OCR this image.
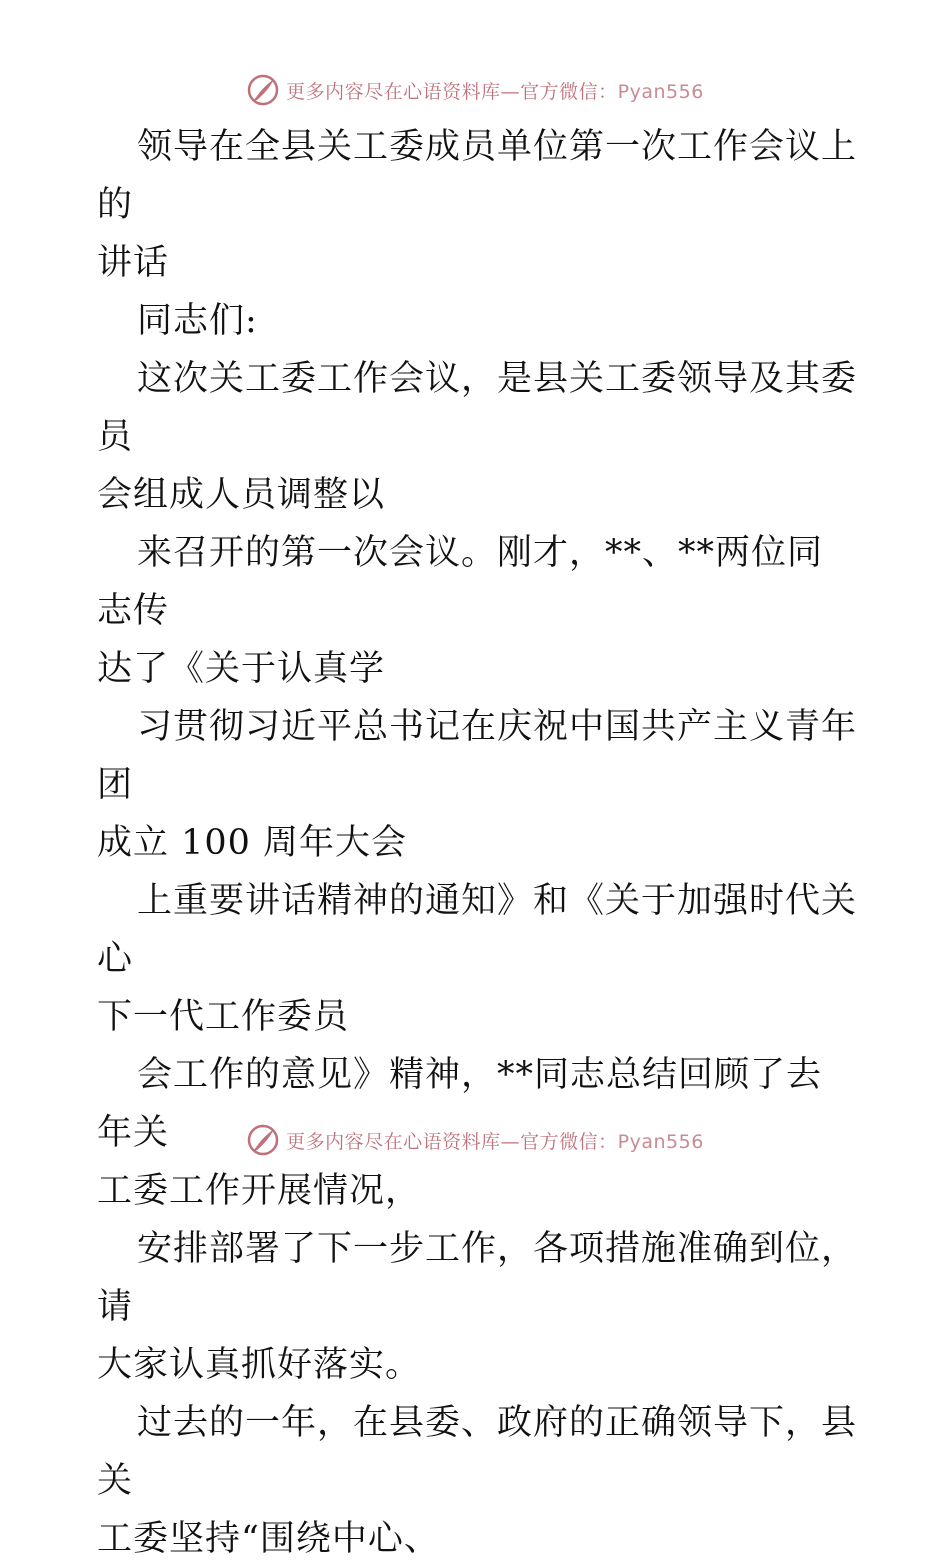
更多内容尽在心语资料库—官方微信：Pyan556

领导在全县关工委成员单位第一次工作会议上的
讲话

同志们:

这次关工委工作会议，是县关工委领导及其委员
会组成人员调整以

来召开的第一次会议。刚才，**、**两位同志传
达了《关于认真学

习贯彻习近平总书记在庆祝中国共产主义青年团
成立 100 周年大会

上重要讲话精神的通知》和《关于加强时代关心
下一代工作委员

会工作的意见》精神，**同志总结回顾了去年关
工委工作开展情况，

安排部署了下一步工作，各项措施准确到位，请
大家认真抓好落实。

过去的一年，在县委、政府的正确领导下，县关
工委坚持“围绕中心、

更多内容尽在心语资料库—官方微信：Pyan556
